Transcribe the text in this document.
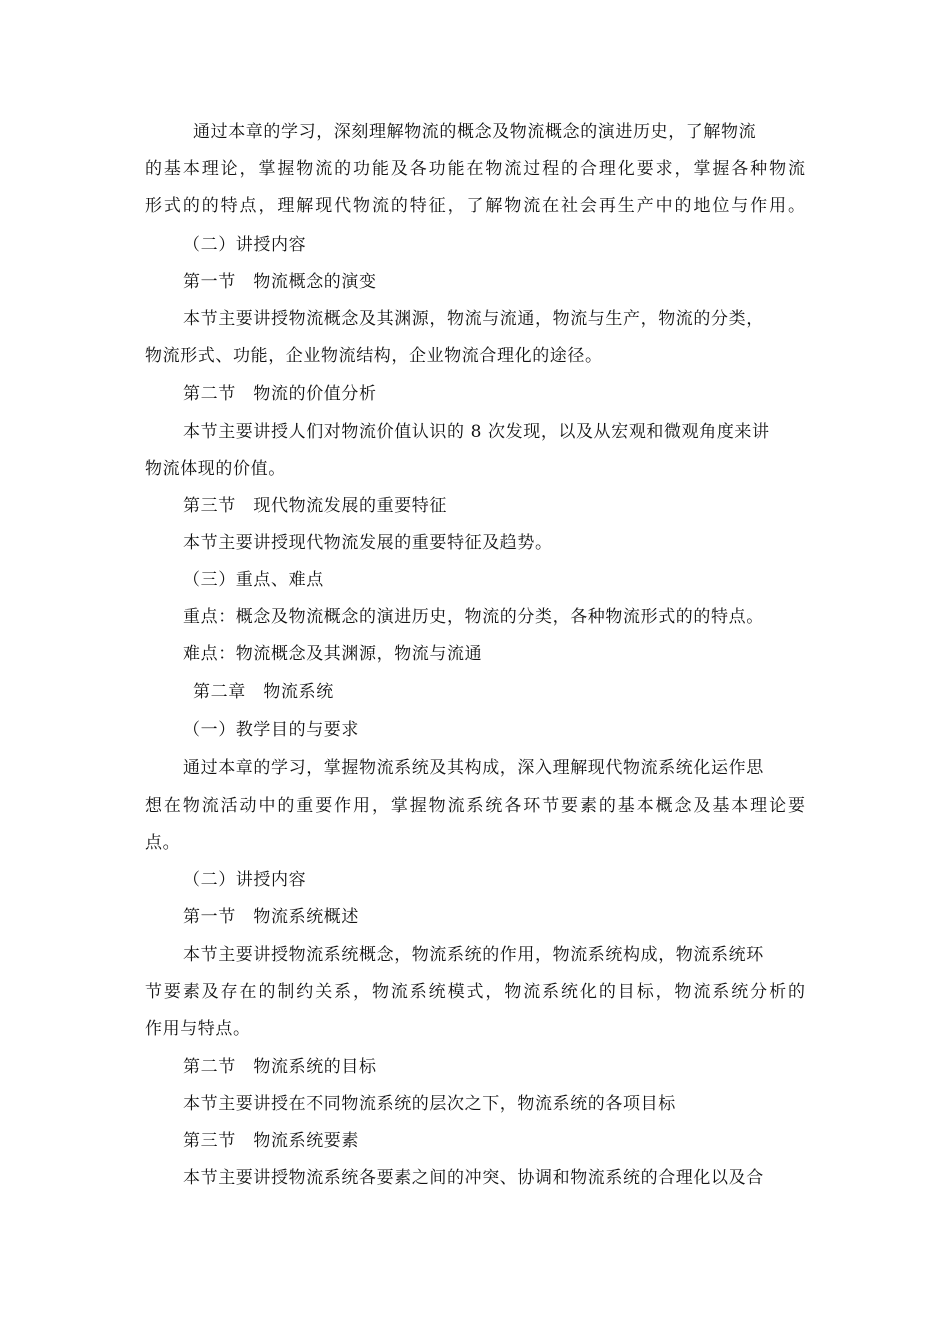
通过本章的学习，深刻理解物流的概念及物流概念的演进历史，了解物流
的基本理论，掌握物流的功能及各功能在物流过程的合理化要求，掌握各种物流
形式的的特点，理解现代物流的特征，了解物流在社会再生产中的地位与作用。
（二）讲授内容
第一节　物流概念的演变
本节主要讲授物流概念及其渊源，物流与流通，物流与生产，物流的分类，
物流形式、功能，企业物流结构，企业物流合理化的途径。
第二节　物流的价值分析
本节主要讲授人们对物流价值认识的 8 次发现，以及从宏观和微观角度来讲
物流体现的价值。
第三节　现代物流发展的重要特征
本节主要讲授现代物流发展的重要特征及趋势。
（三）重点、难点
重点：概念及物流概念的演进历史，物流的分类，各种物流形式的的特点。
难点：物流概念及其渊源，物流与流通
第二章　物流系统
（一）教学目的与要求
通过本章的学习，掌握物流系统及其构成，深入理解现代物流系统化运作思
想在物流活动中的重要作用，掌握物流系统各环节要素的基本概念及基本理论要
点。
（二）讲授内容
第一节　物流系统概述
本节主要讲授物流系统概念，物流系统的作用，物流系统构成，物流系统环
节要素及存在的制约关系，物流系统模式，物流系统化的目标，物流系统分析的
作用与特点。
第二节　物流系统的目标
本节主要讲授在不同物流系统的层次之下，物流系统的各项目标
第三节　物流系统要素
本节主要讲授物流系统各要素之间的冲突、协调和物流系统的合理化以及合
